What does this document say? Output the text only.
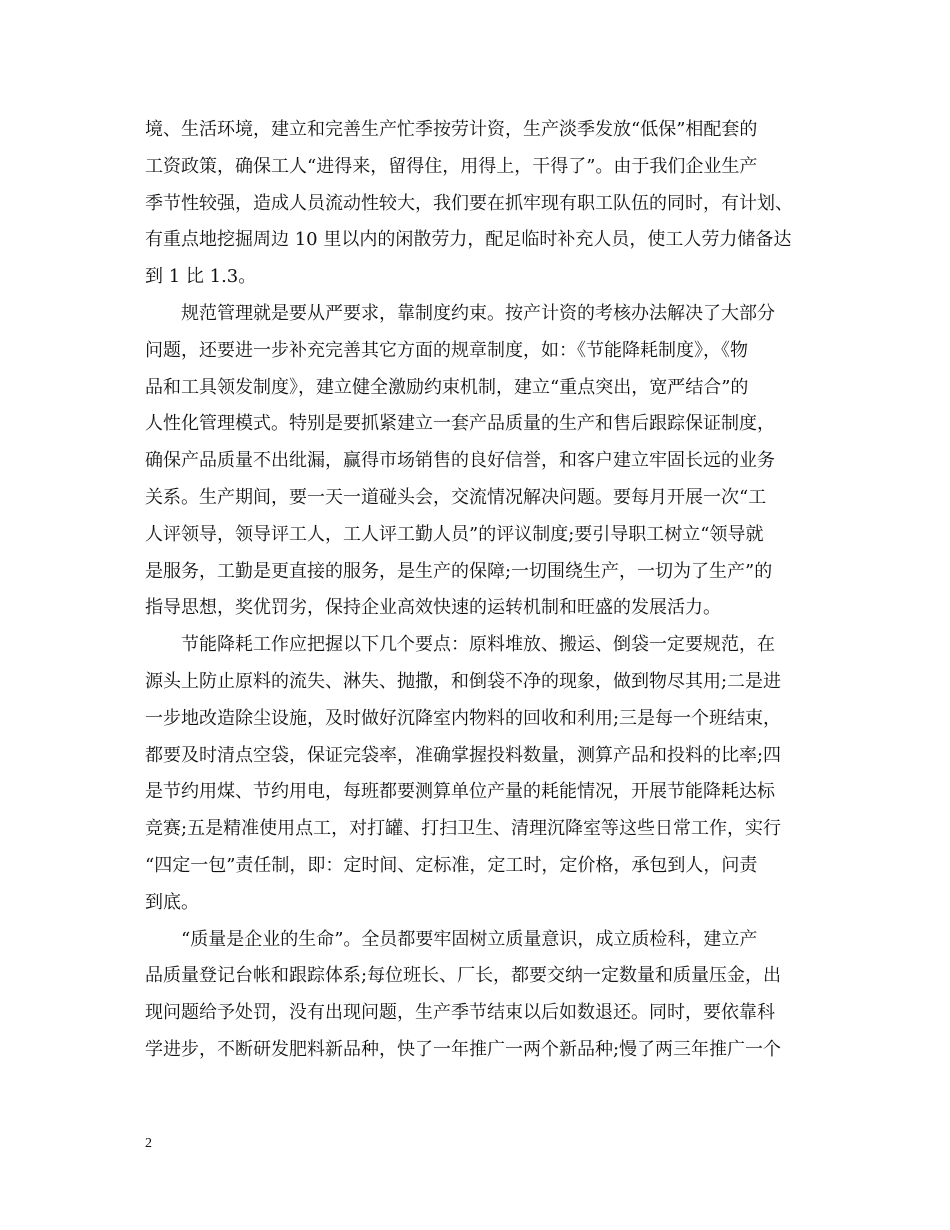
境、生活环境，建立和完善生产忙季按劳计资，生产淡季发放“低保”相配套的
工资政策，确保工人“进得来，留得住，用得上，干得了”。由于我们企业生产
季节性较强，造成人员流动性较大，我们要在抓牢现有职工队伍的同时，有计划、
有重点地挖掘周边 10 里以内的闲散劳力，配足临时补充人员，使工人劳力储备达
到 1 比 1.3。
规范管理就是要从严要求，靠制度约束。按产计资的考核办法解决了大部分
问题，还要进一步补充完善其它方面的规章制度，如：《节能降耗制度》，《物
品和工具领发制度》，建立健全激励约束机制，建立“重点突出，宽严结合”的
人性化管理模式。特别是要抓紧建立一套产品质量的生产和售后跟踪保证制度，
确保产品质量不出纰漏，赢得市场销售的良好信誉，和客户建立牢固长远的业务
关系。生产期间，要一天一道碰头会，交流情况解决问题。要每月开展一次“工
人评领导，领导评工人，工人评工勤人员”的评议制度;要引导职工树立“领导就
是服务，工勤是更直接的服务，是生产的保障;一切围绕生产，一切为了生产”的
指导思想，奖优罚劣，保持企业高效快速的运转机制和旺盛的发展活力。
节能降耗工作应把握以下几个要点：原料堆放、搬运、倒袋一定要规范，在
源头上防止原料的流失、淋失、抛撒，和倒袋不净的现象，做到物尽其用;二是进
一步地改造除尘设施，及时做好沉降室内物料的回收和利用;三是每一个班结束，
都要及时清点空袋，保证完袋率，准确掌握投料数量，测算产品和投料的比率;四
是节约用煤、节约用电，每班都要测算单位产量的耗能情况，开展节能降耗达标
竞赛;五是精准使用点工，对打罐、打扫卫生、清理沉降室等这些日常工作，实行
“四定一包”责任制，即：定时间、定标准，定工时，定价格，承包到人，问责
到底。
“质量是企业的生命”。全员都要牢固树立质量意识，成立质检科，建立产
品质量登记台帐和跟踪体系;每位班长、厂长，都要交纳一定数量和质量压金，出
现问题给予处罚，没有出现问题，生产季节结束以后如数退还。同时，要依靠科
学进步，不断研发肥料新品种，快了一年推广一两个新品种;慢了两三年推广一个
2
